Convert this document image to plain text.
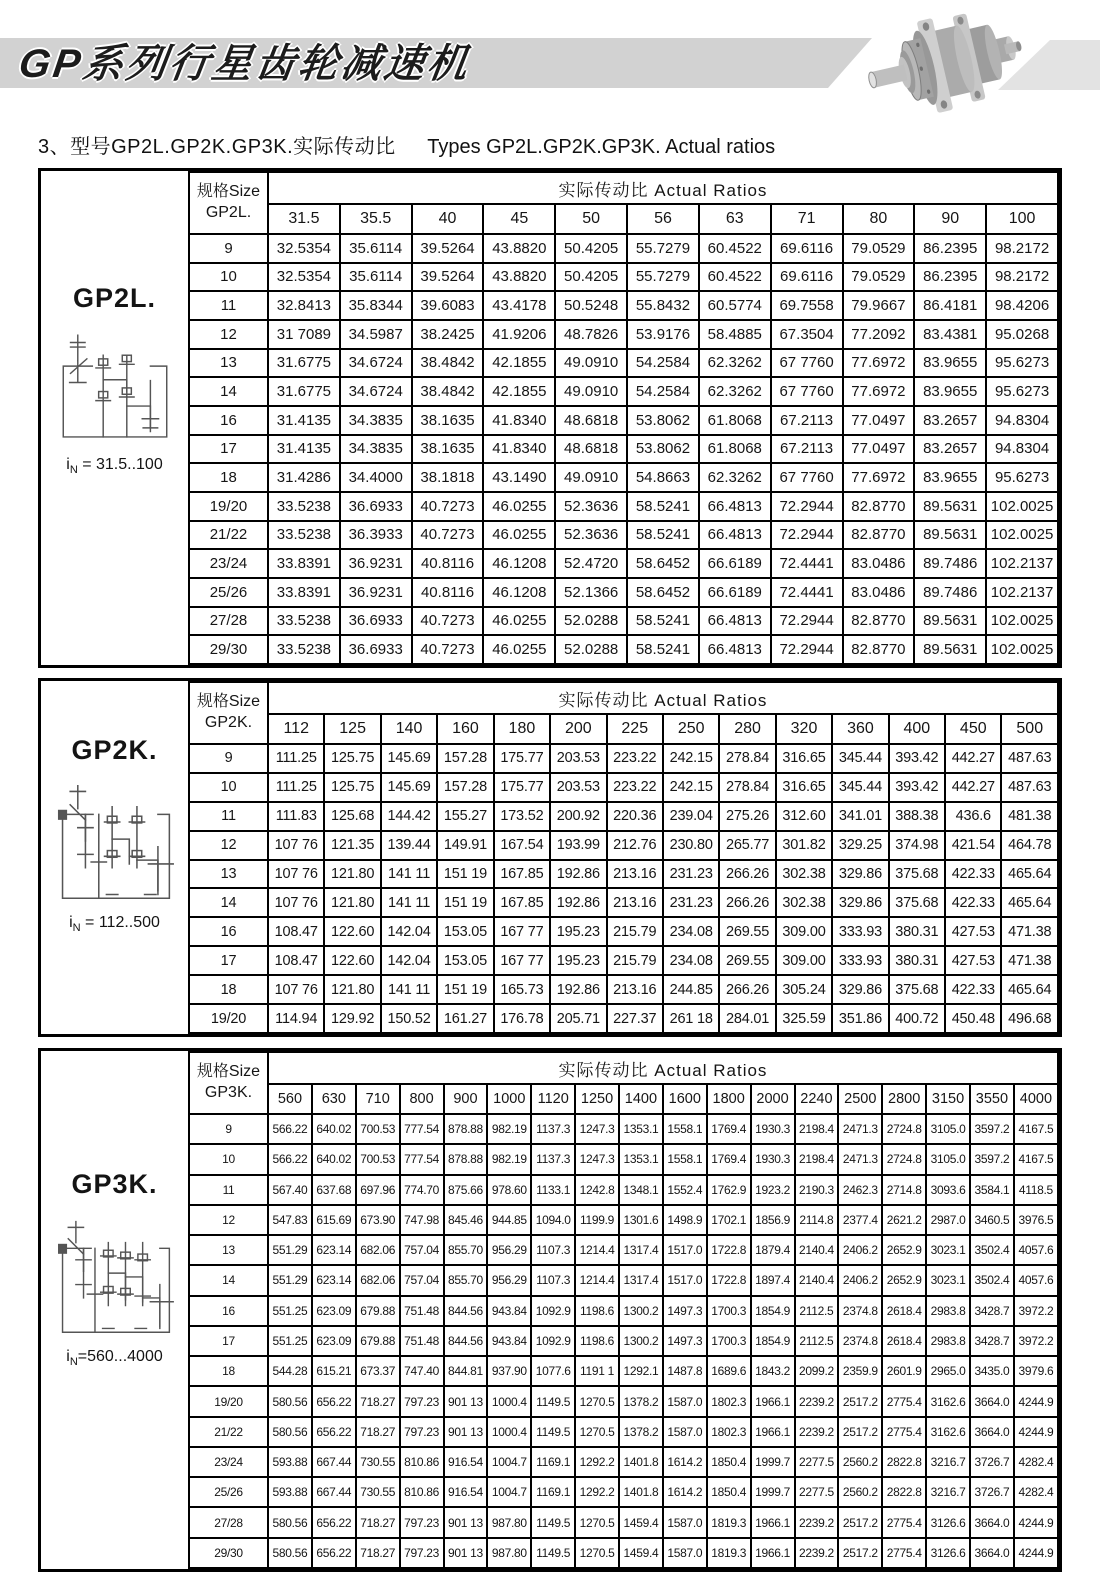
GP系列行星齿轮减速机
3、型号GP2L.GP2K.GP3K.实际传动比 Types GP2L.GP2K.GP3K. Actual ratios
GP2L.
$i_N = 31.5..100$
规格Size
GP2L.	实际传动比 Actual Ratios										
	31.5	35.5	40	45	50	56	63	71	80	90	100
9	32.5354	35.6114	39.5264	43.8820	50.4205	55.7279	60.4522	69.6116	79.0529	86.2395	98.2172
10	32.5354	35.6114	39.5264	43.8820	50.4205	55.7279	60.4522	69.6116	79.0529	86.2395	98.2172
11	32.8413	35.8344	39.6083	43.4178	50.5248	55.8432	60.5774	69.7558	79.9667	86.4181	98.4206
12	31 7089	34.5987	38.2425	41.9206	48.7826	53.9176	58.4885	67.3504	77.2092	83.4381	95.0268
13	31.6775	34.6724	38.4842	42.1855	49.0910	54.2584	62.3262	67 7760	77.6972	83.9655	95.6273
14	31.6775	34.6724	38.4842	42.1855	49.0910	54.2584	62.3262	67 7760	77.6972	83.9655	95.6273
16	31.4135	34.3835	38.1635	41.8340	48.6818	53.8062	61.8068	67.2113	77.0497	83.2657	94.8304
17	31.4135	34.3835	38.1635	41.8340	48.6818	53.8062	61.8068	67.2113	77.0497	83.2657	94.8304
18	31.4286	34.4000	38.1818	43.1490	49.0910	54.8663	62.3262	67 7760	77.6972	83.9655	95.6273
19/20	33.5238	36.6933	40.7273	46.0255	52.3636	58.5241	66.4813	72.2944	82.8770	89.5631	102.0025
21/22	33.5238	36.3933	40.7273	46.0255	52.3636	58.5241	66.4813	72.2944	82.8770	89.5631	102.0025
23/24	33.8391	36.9231	40.8116	46.1208	52.4720	58.6452	66.6189	72.4441	83.0486	89.7486	102.2137
25/26	33.8391	36.9231	40.8116	46.1208	52.1366	58.6452	66.6189	72.4441	83.0486	89.7486	102.2137
27/28	33.5238	36.6933	40.7273	46.0255	52.0288	58.5241	66.4813	72.2944	82.8770	89.5631	102.0025
29/30	33.5238	36.6933	40.7273	46.0255	52.0288	58.5241	66.4813	72.2944	82.8770	89.5631	102.0025
GP2K.
$i_N = 112..500$
规格Size
GP2K.	实际传动比 Actual Ratios													
	112	125	140	160	180	200	225	250	280	320	360	400	450	500
9	111.25	125.75	145.69	157.28	175.77	203.53	223.22	242.15	278.84	316.65	345.44	393.42	442.27	487.63
10	111.25	125.75	145.69	157.28	175.77	203.53	223.22	242.15	278.84	316.65	345.44	393.42	442.27	487.63
11	111.83	125.68	144.42	155.27	173.52	200.92	220.36	239.04	275.26	312.60	341.01	388.38	436.6	481.38
12	107 76	121.35	139.44	149.91	167.54	193.99	212.76	230.80	265.77	301.82	329.25	374.98	421.54	464.78
13	107 76	121.80	141 11	151 19	167.85	192.86	213.16	231.23	266.26	302.38	329.86	375.68	422.33	465.64
14	107 76	121.80	141 11	151 19	167.85	192.86	213.16	231.23	266.26	302.38	329.86	375.68	422.33	465.64
16	108.47	122.60	142.04	153.05	167 77	195.23	215.79	234.08	269.55	309.00	333.93	380.31	427.53	471.38
17	108.47	122.60	142.04	153.05	167 77	195.23	215.79	234.08	269.55	309.00	333.93	380.31	427.53	471.38
18	107 76	121.80	141 11	151 19	165.73	192.86	213.16	244.85	266.26	305.24	329.86	375.68	422.33	465.64
19/20	114.94	129.92	150.52	161.27	176.78	205.71	227.37	261 18	284.01	325.59	351.86	400.72	450.48	496.68
GP3K.
$i_N=560...4000$
规格Size
GP3K.	实际传动比 Actual Ratios																	
	560	630	710	800	900	1000	1120	1250	1400	1600	1800	2000	2240	2500	2800	3150	3550	4000
9	566.22	640.02	700.53	777.54	878.88	982.19	1137.3	1247.3	1353.1	1558.1	1769.4	1930.3	2198.4	2471.3	2724.8	3105.0	3597.2	4167.5
10	566.22	640.02	700.53	777.54	878.88	982.19	1137.3	1247.3	1353.1	1558.1	1769.4	1930.3	2198.4	2471.3	2724.8	3105.0	3597.2	4167.5
11	567.40	637.68	697.96	774.70	875.66	978.60	1133.1	1242.8	1348.1	1552.4	1762.9	1923.2	2190.3	2462.3	2714.8	3093.6	3584.1	4118.5
12	547.83	615.69	673.90	747.98	845.46	944.85	1094.0	1199.9	1301.6	1498.9	1702.1	1856.9	2114.8	2377.4	2621.2	2987.0	3460.5	3976.5
13	551.29	623.14	682.06	757.04	855.70	956.29	1107.3	1214.4	1317.4	1517.0	1722.8	1879.4	2140.4	2406.2	2652.9	3023.1	3502.4	4057.6
14	551.29	623.14	682.06	757.04	855.70	956.29	1107.3	1214.4	1317.4	1517.0	1722.8	1897.4	2140.4	2406.2	2652.9	3023.1	3502.4	4057.6
16	551.25	623.09	679.88	751.48	844.56	943.84	1092.9	1198.6	1300.2	1497.3	1700.3	1854.9	2112.5	2374.8	2618.4	2983.8	3428.7	3972.2
17	551.25	623.09	679.88	751.48	844.56	943.84	1092.9	1198.6	1300.2	1497.3	1700.3	1854.9	2112.5	2374.8	2618.4	2983.8	3428.7	3972.2
18	544.28	615.21	673.37	747.40	844.81	937.90	1077.6	1191 1	1292.1	1487.8	1689.6	1843.2	2099.2	2359.9	2601.9	2965.0	3435.0	3979.6
19/20	580.56	656.22	718.27	797.23	901 13	1000.4	1149.5	1270.5	1378.2	1587.0	1802.3	1966.1	2239.2	2517.2	2775.4	3162.6	3664.0	4244.9
21/22	580.56	656.22	718.27	797.23	901 13	1000.4	1149.5	1270.5	1378.2	1587.0	1802.3	1966.1	2239.2	2517.2	2775.4	3162.6	3664.0	4244.9
23/24	593.88	667.44	730.55	810.86	916.54	1004.7	1169.1	1292.2	1401.8	1614.2	1850.4	1999.7	2277.5	2560.2	2822.8	3216.7	3726.7	4282.4
25/26	593.88	667.44	730.55	810.86	916.54	1004.7	1169.1	1292.2	1401.8	1614.2	1850.4	1999.7	2277.5	2560.2	2822.8	3216.7	3726.7	4282.4
27/28	580.56	656.22	718.27	797.23	901 13	987.80	1149.5	1270.5	1459.4	1587.0	1819.3	1966.1	2239.2	2517.2	2775.4	3126.6	3664.0	4244.9
29/30	580.56	656.22	718.27	797.23	901 13	987.80	1149.5	1270.5	1459.4	1587.0	1819.3	1966.1	2239.2	2517.2	2775.4	3126.6	3664.0	4244.9
